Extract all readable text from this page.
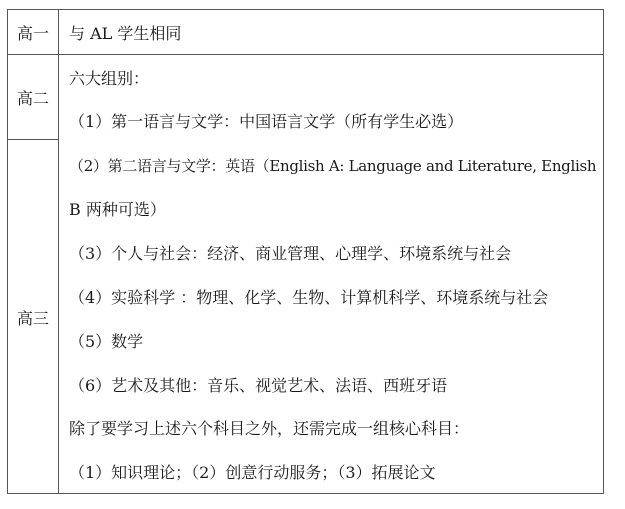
高一
高二
高三
与 AL 学生相同
六大组别：
（1）第一语言与文学：中国语言文学（所有学生必选）
（2）第二语言与文学：英语（English A: Language and Literature, English
B 两种可选）
（3）个人与社会：经济、商业管理、心理学、环境系统与社会
（4）实验科学 ：物理、化学、生物、计算机科学、环境系统与社会
（5）数学
（6）艺术及其他：音乐、视觉艺术、法语、西班牙语
除了要学习上述六个科目之外，还需完成一组核心科目：
（1）知识理论；（2）创意行动服务；（3）拓展论文
